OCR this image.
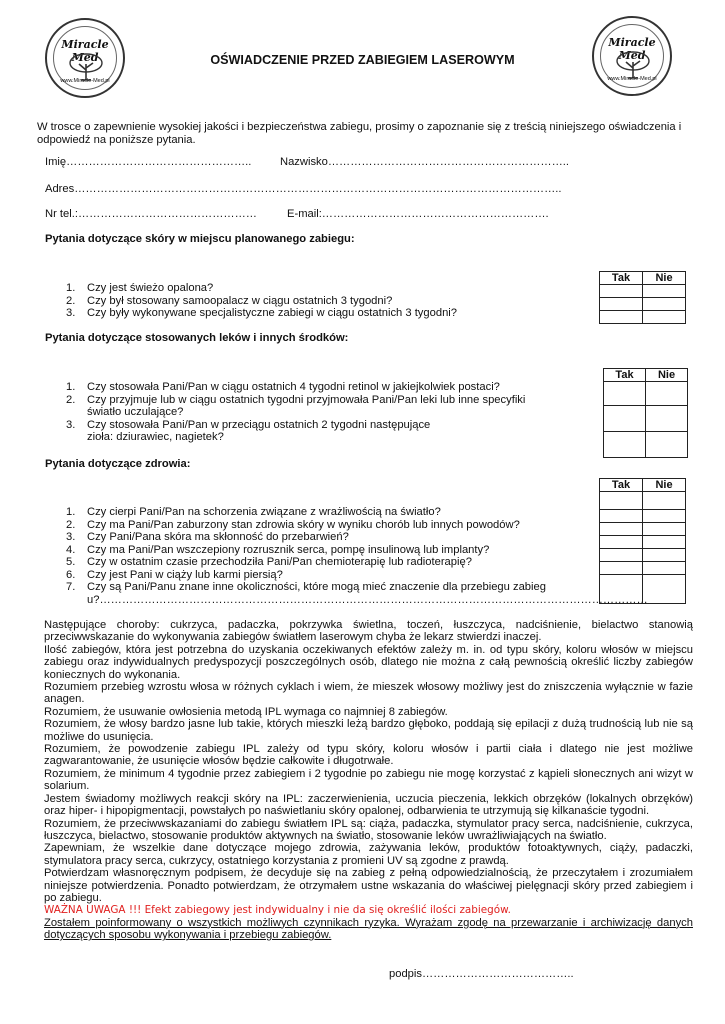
Miracle Med
www.Miracle-Med.pl
Miracle Med
www.Miracle-Med.pl
OŚWIADCZENIE PRZED ZABIEGIEM LASEROWYM
W trosce o zapewnienie wysokiej jakości i bezpieczeństwa zabiegu, prosimy o zapoznanie się z treścią niniejszego oświadczenia i odpowiedź na poniższe pytania.
Imię…………………………………………..	Nazwisko………………………………………………………..
Adres…………………………………………………………………………………………………………………..
Nr tel.:…………………………………………	E-mail:…………………………………………………….
Pytania dotyczące skóry w miejscu planowanego zabiegu:
1. Czy jest świeżo opalona?
2. Czy był stosowany samoopalacz w ciągu ostatnich 3 tygodni?
3. Czy były wykonywane specjalistyczne zabiegi w ciągu ostatnich 3 tygodni?
Tak	Nie

Pytania dotyczące stosowanych leków i innych środków:
1. Czy stosowała Pani/Pan w ciągu ostatnich 4 tygodni retinol w jakiejkolwiek postaci?
2. Czy przyjmuje lub w ciągu ostatnich tygodni przyjmowała Pani/Pan leki lub inne specyfiki światło uczulające?
3. Czy stosowała Pani/Pan w przeciągu ostatnich 2 tygodni następujące zioła: dziurawiec, nagietek?
Tak	Nie

Pytania dotyczące zdrowia:
1. Czy cierpi Pani/Pan na schorzenia związane z wrażliwością na światło?
2. Czy ma Pani/Pan zaburzony stan zdrowia skóry w wyniku chorób lub innych powodów?
3. Czy Pani/Pana skóra ma skłonność do przebarwień?
4. Czy ma Pani/Pan wszczepiony rozrusznik serca, pompę insulinową lub implanty?
5. Czy w ostatnim czasie przechodziła Pani/Pan chemioterapię lub radioterapię?
6. Czy jest Pani w ciąży lub karmi piersią?
7. Czy są Pani/Panu znane inne okoliczności, które mogą mieć znaczenie dla przebiegu zabiegu?…………………………………………………………………………………………………………………………………
Tak	Nie

Następujące choroby: cukrzyca, padaczka, pokrzywka świetlna, toczeń, łuszczyca, nadciśnienie, bielactwo stanowią przeciwwskazanie do wykonywania zabiegów światłem laserowym chyba że lekarz stwierdzi inaczej.

Ilość zabiegów, która jest potrzebna do uzyskania oczekiwanych efektów zależy m. in. od typu skóry, koloru włosów w miejscu zabiegu oraz indywidualnych predyspozycji poszczególnych osób, dlatego nie można z całą pewnością określić liczby zabiegów koniecznych do wykonania.

Rozumiem przebieg wzrostu włosa w różnych cyklach i wiem, że mieszek włosowy możliwy jest do zniszczenia wyłącznie w fazie anagen.

Rozumiem, że usuwanie owłosienia metodą IPL wymaga co najmniej 8 zabiegów.

Rozumiem, że włosy bardzo jasne lub takie, których mieszki leżą bardzo głęboko, poddają się epilacji z dużą trudnością lub nie są możliwe do usunięcia.

Rozumiem, że powodzenie zabiegu IPL zależy od typu skóry, koloru włosów i partii ciała i dlatego nie jest możliwe zagwarantowanie, że usunięcie włosów będzie całkowite i długotrwałe.

Rozumiem, że minimum 4 tygodnie przez zabiegiem i 2 tygodnie po zabiegu nie mogę korzystać z kąpieli słonecznych ani wizyt w solarium.

Jestem świadomy możliwych reakcji skóry na IPL: zaczerwienienia, uczucia pieczenia, lekkich obrzęków (lokalnych obrzęków) oraz hiper- i hipopigmentacji, powstałych po naświetlaniu skóry opalonej, odbarwienia te utrzymują się kilkanaście tygodni.

Rozumiem, że przeciwwskazaniami do zabiegu światłem IPL są: ciąża, padaczka, stymulator pracy serca, nadciśnienie, cukrzyca, łuszczyca, bielactwo, stosowanie produktów aktywnych na światło, stosowanie leków uwrażliwiających na światło.

Zapewniam, że wszelkie dane dotyczące mojego zdrowia, zażywania leków, produktów fotoaktywnych, ciąży, padaczki, stymulatora pracy serca, cukrzycy, ostatniego korzystania z promieni UV są zgodne z prawdą.

Potwierdzam własnoręcznym podpisem, że decyduje się na zabieg z pełną odpowiedzialnością, że przeczytałem i zrozumiałem niniejsze potwierdzenia. Ponadto potwierdzam, że otrzymałem ustne wskazania do właściwej pielęgnacji skóry przed zabiegiem i po zabiegu.

WAŻNA UWAGA !!! Efekt zabiegowy jest indywidualny i nie da się określić ilości zabiegów.

Zostałem poinformowany o wszystkich możliwych czynnikach ryzyka. Wyrażam zgodę na przewarzanie i archiwizację danych dotyczących sposobu wykonywania i przebiegu zabiegów.

podpis…………………………………..
